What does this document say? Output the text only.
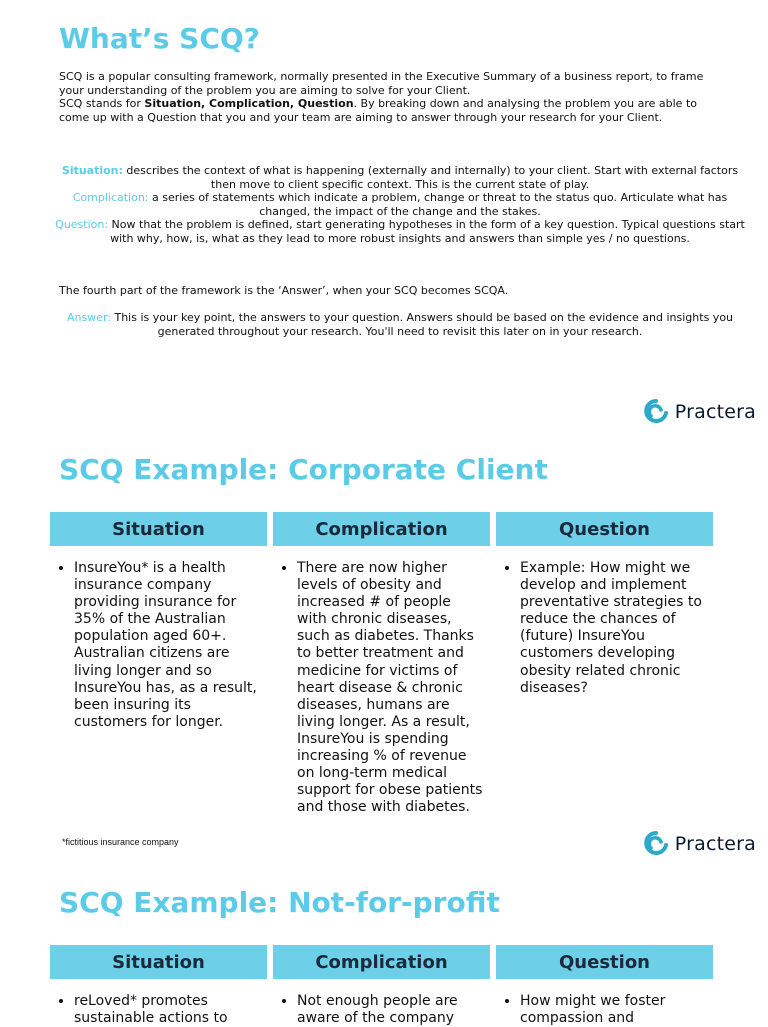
What’s SCQ?

SCQ is a popular consulting framework, normally presented in the Executive Summary of a business report, to frame your understanding of the problem you are aiming to solve for your Client.

SCQ stands for Situation, Complication, Question. By breaking down and analysing the problem you are able to come up with a Question that you and your team are aiming to answer through your research for your Client.

Situation: describes the context of what is happening (externally and internally) to your client. Start with external factors then move to client specific context. This is the current state of play.

Complication: a series of statements which indicate a problem, change or threat to the status quo. Articulate what has changed, the impact of the change and the stakes.

Question: Now that the problem is defined, start generating hypotheses in the form of a key question. Typical questions start with why, how, is, what as they lead to more robust insights and answers than simple yes / no questions.

The fourth part of the framework is the ‘Answer’, when your SCQ becomes SCQA.

Answer: This is your key point, the answers to your question. Answers should be based on the evidence and insights you generated throughout your research. You'll need to revisit this later on in your research.

Practera
SCQ Example: Corporate Client
Situation
• InsureYou* is a health insurance company providing insurance for 35% of the Australian population aged 60+. Australian citizens are living longer and so InsureYou has, as a result, been insuring its customers for longer.
Complication
• There are now higher levels of obesity and increased # of people with chronic diseases, such as diabetes. Thanks to better treatment and medicine for victims of heart disease & chronic diseases, humans are living longer. As a result, InsureYou is spending increasing % of revenue on long-term medical support for obese patients and those with diabetes.
Question
• Example: How might we develop and implement preventative strategies to reduce the chances of (future) InsureYou customers developing obesity related chronic diseases?
*fictitious insurance company	Practera
SCQ Example: Not-for-profit
Situation
• reLoved* promotes sustainable actions to
Complication
• Not enough people are aware of the company
Question
• How might we foster compassion and
